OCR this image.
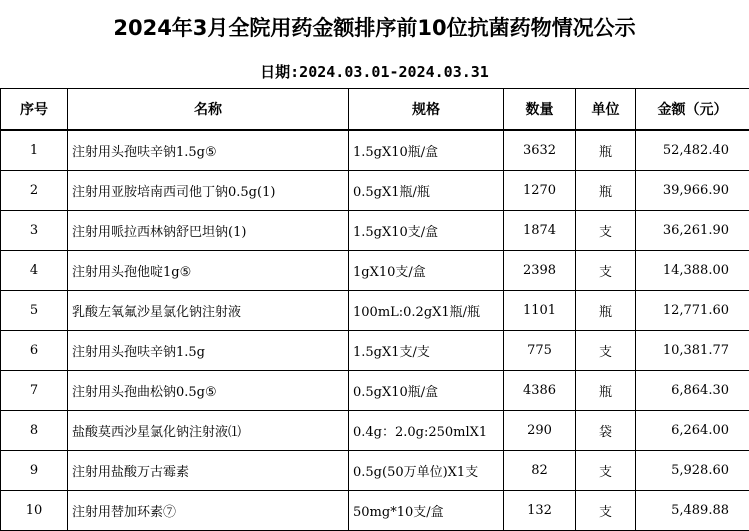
2024年3月全院用药金额排序前10位抗菌药物情况公示
日期:2024.03.01-2024.03.31
序号	名称	规格	数量	单位	金额（元）
1	注射用头孢呋辛钠1.5g⑤	1.5gX10瓶/盒	3632	瓶	52,482.40
2	注射用亚胺培南西司他丁钠0.5g(1)	0.5gX1瓶/瓶	1270	瓶	39,966.90
3	注射用哌拉西林钠舒巴坦钠(1)	1.5gX10支/盒	1874	支	36,261.90
4	注射用头孢他啶1g⑤	1gX10支/盒	2398	支	14,388.00
5	乳酸左氧氟沙星氯化钠注射液	100mL:0.2gX1瓶/瓶	1101	瓶	12,771.60
6	注射用头孢呋辛钠1.5g	1.5gX1支/支	775	支	10,381.77
7	注射用头孢曲松钠0.5g⑤	0.5gX10瓶/盒	4386	瓶	6,864.30
8	盐酸莫西沙星氯化钠注射液⑴	0.4g：2.0g:250mlX1	290	袋	6,264.00
9	注射用盐酸万古霉素	0.5g(50万单位)X1支	82	支	5,928.60
10	注射用替加环素⑦	50mg*10支/盒	132	支	5,489.88
